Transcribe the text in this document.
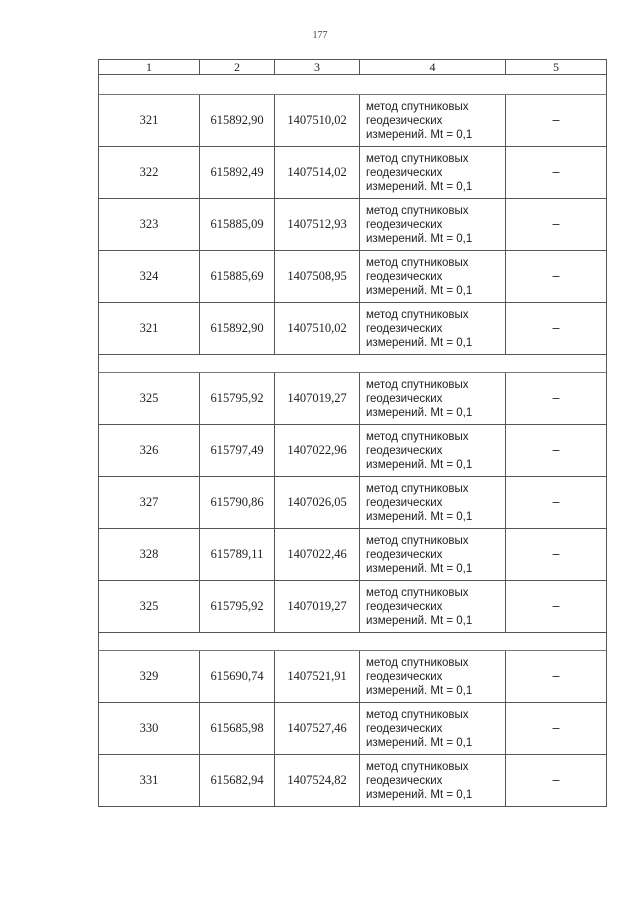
177
1	2	3	4	5

321	615892,90	1407510,02	метод спутниковых
геодезических
измерений. Mt = 0,1	–
322	615892,49	1407514,02	метод спутниковых
геодезических
измерений. Mt = 0,1	–
323	615885,09	1407512,93	метод спутниковых
геодезических
измерений. Mt = 0,1	–
324	615885,69	1407508,95	метод спутниковых
геодезических
измерений. Mt = 0,1	–
321	615892,90	1407510,02	метод спутниковых
геодезических
измерений. Mt = 0,1	–

325	615795,92	1407019,27	метод спутниковых
геодезических
измерений. Mt = 0,1	–
326	615797,49	1407022,96	метод спутниковых
геодезических
измерений. Mt = 0,1	–
327	615790,86	1407026,05	метод спутниковых
геодезических
измерений. Mt = 0,1	–
328	615789,11	1407022,46	метод спутниковых
геодезических
измерений. Mt = 0,1	–
325	615795,92	1407019,27	метод спутниковых
геодезических
измерений. Mt = 0,1	–

329	615690,74	1407521,91	метод спутниковых
геодезических
измерений. Mt = 0,1	–
330	615685,98	1407527,46	метод спутниковых
геодезических
измерений. Mt = 0,1	–
331	615682,94	1407524,82	метод спутниковых
геодезических
измерений. Mt = 0,1	–
